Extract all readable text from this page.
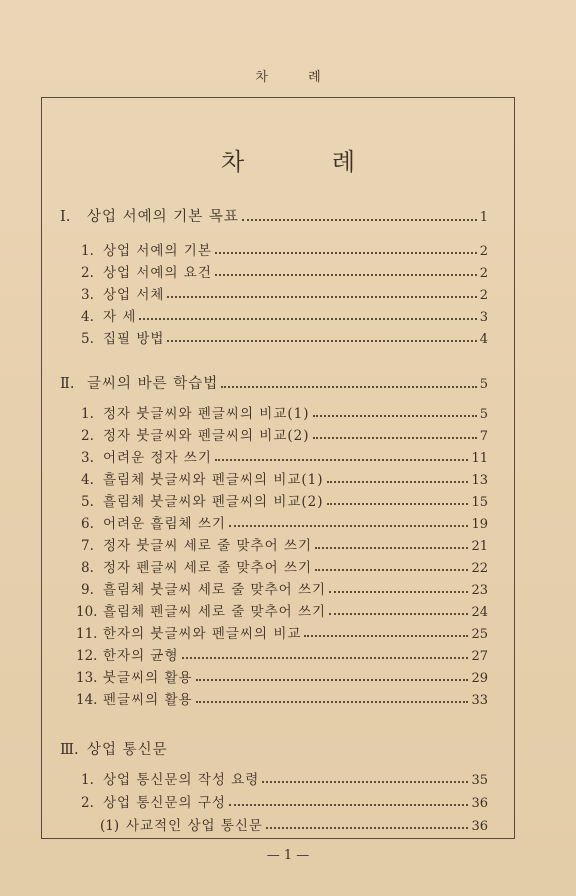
차 례
차 례
Ⅰ.	상업 서예의 기본 목표	1
1. 상업 서예의 기본	2
2. 상업 서예의 요건	2
3. 상업 서체	2
4. 자 세	3
5. 집필 방법	4
Ⅱ. 글씨의 바른 학습법	5
1. 정자 붓글씨와 펜글씨의 비교(1)	5
2. 정자 붓글씨와 펜글씨의 비교(2)	7
3. 어려운 정자 쓰기	11
4. 흘림체 붓글씨와 펜글씨의 비교(1)	13
5. 흘림체 붓글씨와 펜글씨의 비교(2)	15
6. 어려운 흘림체 쓰기	19
7. 정자 붓글씨 세로 줄 맞추어 쓰기	21
8. 정자 펜글씨 세로 줄 맞추어 쓰기	22
9. 흘림체 붓글씨 세로 줄 맞추어 쓰기	23
10. 흘림체 펜글씨 세로 줄 맞추어 쓰기	24
11. 한자의 붓글씨와 펜글씨의 비교	25
12. 한자의 균형	27
13. 붓글씨의 활용	29
14. 펜글씨의 활용	33
Ⅲ. 상업 통신문
1. 상업 통신문의 작성 요령	35
2. 상업 통신문의 구성	36
(1) 사교적인 상업 통신문	36
— 1 —
